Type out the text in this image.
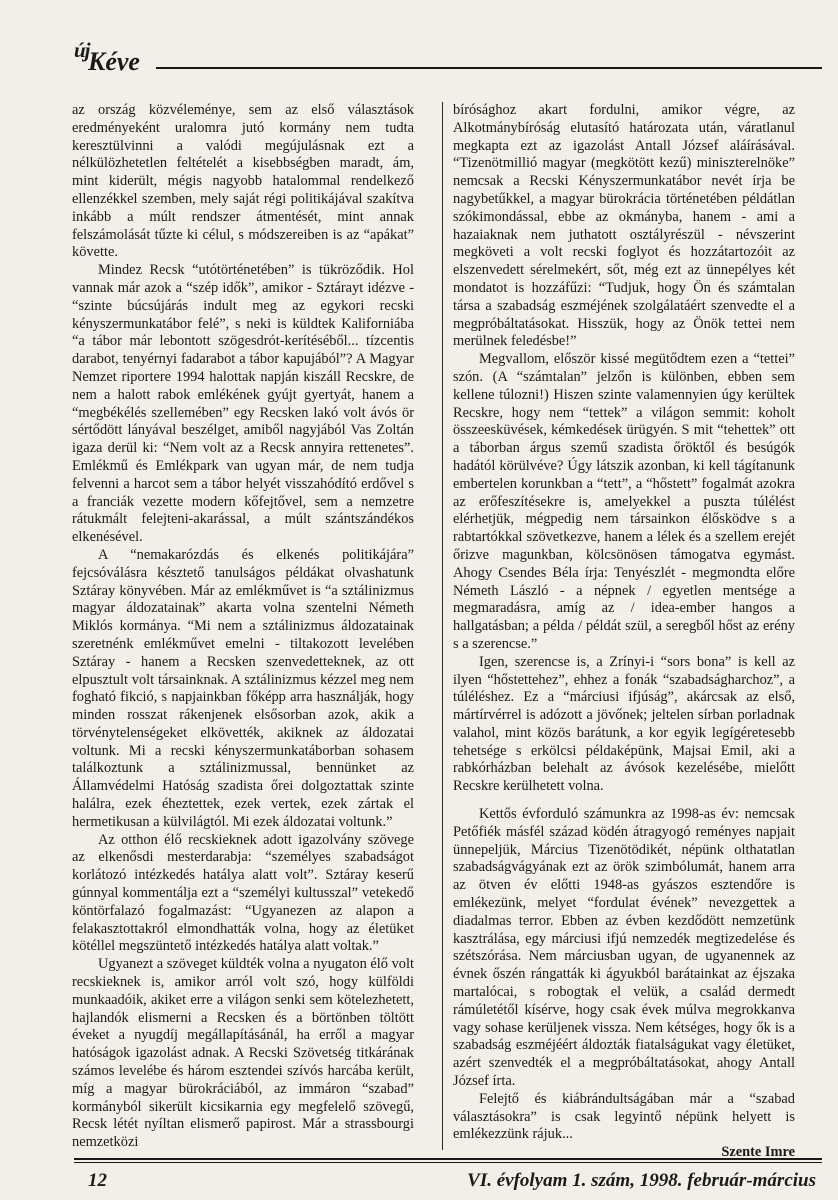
új
Kéve

az ország közvéleménye, sem az első választások eredményeként uralomra jutó kormány nem tudta keresztülvinni a valódi megújulásnak ezt a nélkülözhetetlen feltételét a kisebbségben maradt, ám, mint kiderült, mégis nagyobb hatalommal rendelkező ellenzékkel szemben, mely saját régi politikájával szakítva inkább a múlt rendszer átmentését, mint annak felszámolását tűzte ki célul, s módszereiben is az “apákat” követte.

Mindez Recsk “utótörténetében” is tükröződik. Hol vannak már azok a “szép idők”, amikor - Sztárayt idézve - “szinte búcsújárás indult meg az egykori recski kényszermunkatábor felé”, s neki is küldtek Kaliforniába “a tábor már lebontott szögesdrót-kerítéséből... tízcentis darabot, tenyérnyi fadarabot a tábor kapujából”? A Magyar Nemzet riportere 1994 halottak napján kiszáll Recskre, de nem a halott rabok emlékének gyújt gyertyát, hanem a “megbékélés szellemében” egy Recsken lakó volt ávós ör sértődött lányával beszélget, amiből nagyjából Vas Zoltán igaza derül ki: “Nem volt az a Recsk annyira rettenetes”. Emlékmű és Emlékpark van ugyan már, de nem tudja felvenni a harcot sem a tábor helyét visszahódító erdővel s a franciák vezette modern kőfejtővel, sem a nemzetre rátukmált felejteni-akarással, a múlt szántszándékos elkenésével.

A “nemakarózdás és elkenés politikájára” fejcsóválásra késztető tanulságos példákat olvashatunk Sztáray könyvében. Már az emlékművet is “a sztálinizmus magyar áldozatainak” akarta volna szentelni Németh Miklós kormánya. “Mi nem a sztálinizmus áldozatainak szeretnénk emlékművet emelni - tiltakozott levelében Sztáray - hanem a Recsken szenvedetteknek, az ott elpusztult volt társainknak. A sztálinizmus kézzel meg nem fogható fikció, s napjainkban főképp arra használják, hogy minden rosszat rákenjenek elsősorban azok, akik a törvénytelenségeket elkövették, akiknek az áldozatai voltunk. Mi a recski kényszermunkatáborban sohasem találkoztunk a sztálinizmussal, bennünket az Államvédelmi Hatóság szadista őrei dolgoztattak szinte halálra, ezek éheztettek, ezek vertek, ezek zártak el hermetikusan a külvilágtól. Mi ezek áldozatai voltunk.”

Az otthon élő recskieknek adott igazolvány szövege az elkenősdi mesterdarabja: “személyes szabadságot korlátozó intézkedés hatálya alatt volt”. Sztáray keserű gúnnyal kommentálja ezt a “személyi kultusszal” vetekedő köntörfalazó fogalmazást: “Ugyanezen az alapon a felakasztottakról elmondhatták volna, hogy az életüket kötéllel megszüntető intézkedés hatálya alatt voltak.”

Ugyanezt a szöveget küldték volna a nyugaton élő volt recskieknek is, amikor arról volt szó, hogy külföldi munkaadóik, akiket erre a világon senki sem kötelezhetett, hajlandók elismerni a Recsken és a börtönben töltött éveket a nyugdíj megállapításánál, ha erről a magyar hatóságok igazolást adnak. A Recski Szövetség titkárának számos levelébe és három esztendei szívós harcába került, míg a magyar bürokráciából, az immáron “szabad” kormányból sikerült kicsikarnia egy megfelelő szövegű, Recsk létét nyíltan elismerő papirost. Már a strassbourgi nemzetközi

bírósághoz akart fordulni, amikor végre, az Alkotmánybíróság elutasító határozata után, váratlanul megkapta ezt az igazolást Antall József aláírásával. “Tizenötmillió magyar (megkötött kezű) miniszterelnöke” nemcsak a Recski Kényszermunkatábor nevét írja be nagybetűkkel, a magyar bürokrácia történetében példátlan szókimondással, ebbe az okmányba, hanem - ami a hazaiaknak nem juthatott osztályrészül - névszerint megköveti a volt recski foglyot és hozzátartozóit az elszenvedett sérelmekért, sőt, még ezt az ünnepélyes két mondatot is hozzáfűzi: “Tudjuk, hogy Ön és számtalan társa a szabadság eszméjének szolgálatáért szenvedte el a megpróbáltatásokat. Hisszük, hogy az Önök tettei nem merülnek feledésbe!”

Megvallom, először kissé megütődtem ezen a “tettei” szón. (A “számtalan” jelzőn is különben, ebben sem kellene túlozni!) Hiszen szinte valamennyien úgy kerültek Recskre, hogy nem “tettek” a világon semmit: koholt összeesküvések, kémkedések ürügyén. S mit “tehettek” ott a táborban árgus szemű szadista őröktől és besúgók hadától körülvéve? Úgy látszik azonban, ki kell tágítanunk embertelen korunkban a “tett”, a “hőstett” fogalmát azokra az erőfeszítésekre is, amelyekkel a puszta túlélést elérhetjük, mégpedig nem társainkon élősködve s a rabtartókkal szövetkezve, hanem a lélek és a szellem erejét őrizve magunkban, kölcsönösen támogatva egymást. Ahogy Csendes Béla írja: Tenyészlét - megmondta előre Németh László - a népnek / egyetlen mentsége a megmaradásra, amíg az / idea-ember hangos a hallgatásban; a példa / példát szül, a seregből hőst az erény s a szerencse.”

Igen, szerencse is, a Zrínyi-i “sors bona” is kell az ilyen “hőstettehez”, ehhez a fonák “szabadságharchoz”, a túléléshez. Ez a “márciusi ifjúság”, akárcsak az első, mártírvérrel is adózott a jövőnek; jeltelen sírban porladnak valahol, mint közös barátunk, a kor egyik legígéretesebb tehetsége s erkölcsi példaképünk, Majsai Emil, aki a rabkórházban belehalt az ávósok kezelésébe, mielőtt Recskre kerülhetett volna.

Kettős évforduló számunkra az 1998-as év: nemcsak Petőfiék másfél század ködén átragyogó reményes napjait ünnepeljük, Március Tizenötödikét, népünk olthatatlan szabadságvágyának ezt az örök szimbólumát, hanem arra az ötven év előtti 1948-as gyászos esztendőre is emlékezünk, melyet “fordulat évének” nevezgettek a diadalmas terror. Ebben az évben kezdődött nemzetünk kasztrálása, egy márciusi ifjú nemzedék megtizedelése és szétszórása. Nem márciusban ugyan, de ugyanennek az évnek őszén rángatták ki ágyukból barátainkat az éjszaka martalócai, s robogtak el velük, a család dermedt rámúletétől kísérve, hogy csak évek múlva megrokkanva vagy sohase kerüljenek vissza. Nem kétséges, hogy ők is a szabadság eszméjéért áldozták fiatalságukat vagy életüket, azért szenvedték el a megpróbáltatásokat, ahogy Antall József írta.

Felejtő és kiábrándultságában már a “szabad választásokra” is csak legyintő népünk helyett is emlékezzünk rájuk...

Szente Imre

12	VI. évfolyam 1. szám, 1998. február-március
